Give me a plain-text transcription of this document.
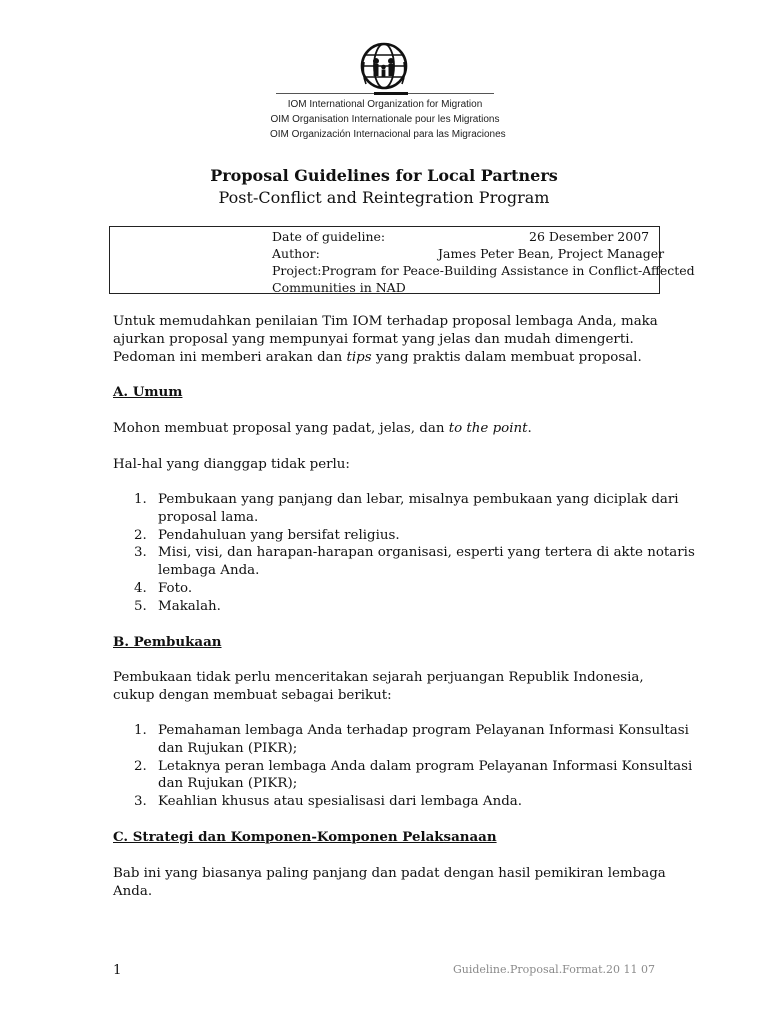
IOM International Organization for Migration
OIM Organisation Internationale pour les Migrations
OIM Organización Internacional para las Migraciones
Proposal Guidelines for Local Partners
Post-Conflict and Reintegration Program
Date of guideline:	26 Desember 2007
Author:	James Peter Bean, Project Manager
Project:Program for Peace-Building Assistance in Conflict-Affected
Communities in NAD
Untuk memudahkan penilaian Tim IOM terhadap proposal lembaga Anda, maka ajurkan proposal yang mempunyai format yang jelas dan mudah dimengerti. Pedoman ini memberi arakan dan tips yang praktis dalam membuat proposal.
A. Umum
Mohon membuat proposal yang padat, jelas, dan to the point.
Hal-hal yang dianggap tidak perlu:
1. Pembukaan yang panjang dan lebar, misalnya pembukaan yang diciplak dari proposal lama.
2. Pendahuluan yang bersifat religius.
3. Misi, visi, dan harapan-harapan organisasi, esperti yang tertera di akte notaris lembaga Anda.
4. Foto.
5. Makalah.
B. Pembukaan
Pembukaan tidak perlu menceritakan sejarah perjuangan Republik Indonesia, cukup dengan membuat sebagai berikut:
1. Pemahaman lembaga Anda terhadap program Pelayanan Informasi Konsultasi dan Rujukan (PIKR);
2. Letaknya peran lembaga Anda dalam program Pelayanan Informasi Konsultasi dan Rujukan (PIKR);
3. Keahlian khusus atau spesialisasi dari lembaga Anda.
C. Strategi dan Komponen-Komponen Pelaksanaan
Bab ini yang biasanya paling panjang dan padat dengan hasil pemikiran lembaga Anda.
1	Guideline.Proposal.Format.20 11 07
